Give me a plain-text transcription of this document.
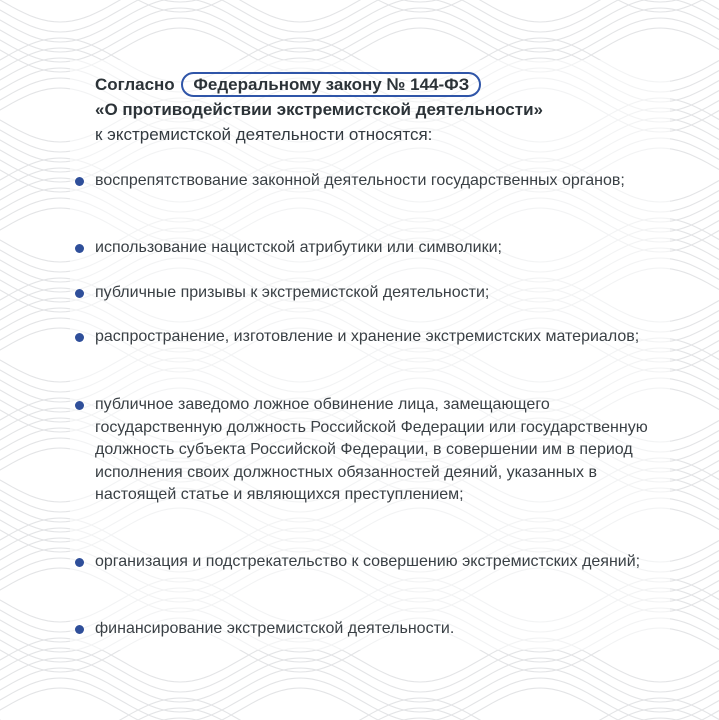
Согласно Федеральному закону № 144-ФЗ
«О противодействии экстремистской деятельности»
к экстремистской деятельности относятся:

воспрепятствование законной деятельности государственных органов;
использование нацистской атрибутики или символики;
публичные призывы к экстремистской деятельности;
распространение, изготовление и хранение экстремистских материалов;
публичное заведомо ложное обвинение лица, замещающего государственную должность Российской Федерации или государственную должность субъекта Российской Федерации, в совершении им в период исполнения своих должностных обязанностей деяний, указанных в настоящей статье и являющихся преступлением;
организация и подстрекательство к совершению экстремистских деяний;
финансирование экстремистской деятельности.
